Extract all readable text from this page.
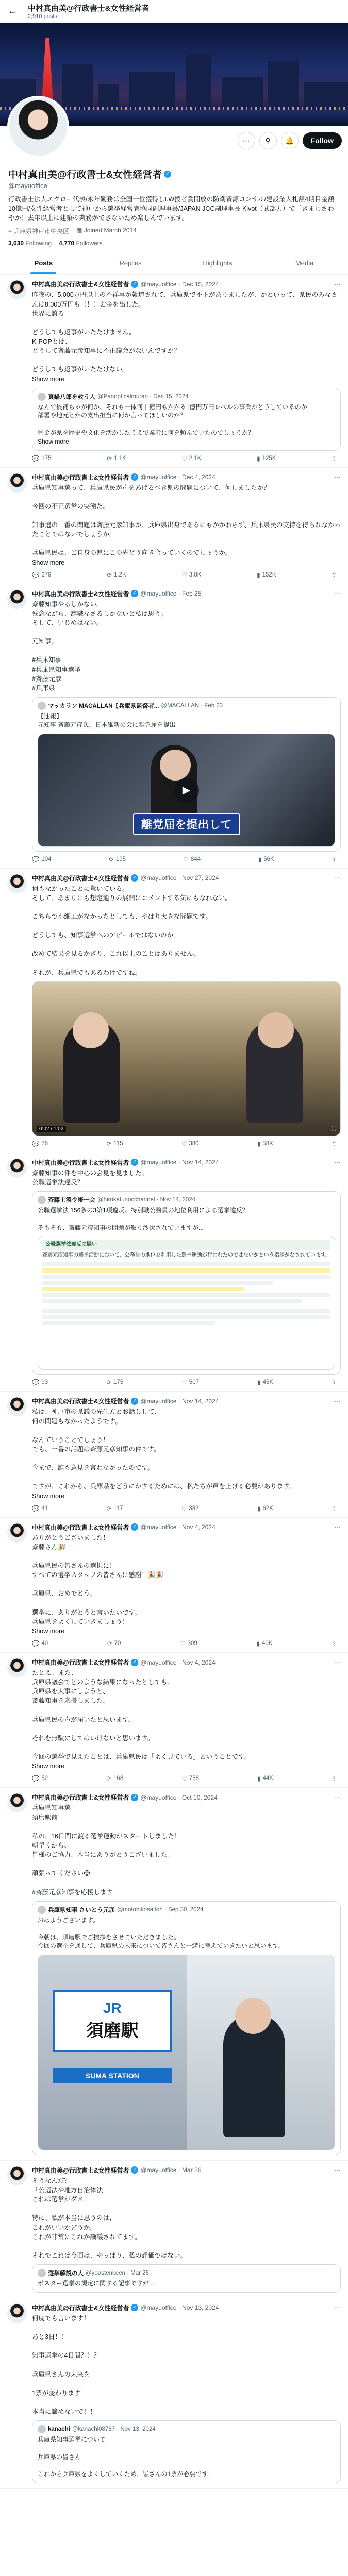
←	中村真由美@行政書士&女性経営者
2,910 posts
⋯	⚲	🔔	Follow
中村真由美@行政書士&女性経営者 ✓
@mayuoffice
行政書士法人エクロー代表/永年勤務は全国一位獲得しI.W授者賞開放の防衛資源コンサル/建設業入札額4期目金額10億円/女性経営者として神戸から選挙経営者協同副理事長/JAPAN JCC副理事長 Kivot（武部力）で「きまじさわやか！去年以上に建築の業務ができないため楽しんでいます。
⌖ 兵庫県神戸市中央区 ▦ Joined March 2014
3,630 Following 4,770 Followers
Posts	Replies	Highlights	Media
中村真由美@行政書士&女性経営者 ✓ @mayuoffice · Dec 15, 2024	⋯
昨夜の、5,000万円以上の不祥事が報道されて、兵庫県で不正がありましたが、かといって、県民のみなさんは8,000万円も（！）お金を出した。
世界に誇る

どうしても返事がいただけません。
K-POPとは、
どうして斎藤元彦知事に不正議会がないんですか？

どうしても返事がいただけない。
Show more
真鍋八郎を救う人 @Panopticalmuran · Dec 15, 2024
なんで候補ちゃが何か、それも一体何十億円もかかる1億円万円レベルの事業がどうしているのか
部署や地元とかの支出担当に何か言ってほしいのか？

県金が県を歴史や文化を活かしたうえで業者に何を頼んでいたのでしょうか？
Show more
💬 175	⟳ 1.1K	♡ 2.1K	▮ 125K	⇪
中村真由美@行政書士&女性経営者 ✓ @mayuoffice · Dec 4, 2024	⋯
兵庫県知事選って、兵庫県民が声をあげるべき県の問題について、何しましたか？

今回の不正選挙の実態だ。

知事選の一番の問題は斎藤元彦知事が、兵庫県出身であるにもかかわらず、兵庫県民の支持を得られなかったことではないでしょうか。

兵庫県民は、ご自身の県にこの先どう向き合っていくのでしょうか。
Show more
💬 279	⟳ 1.2K	♡ 3.8K	▮ 152K	⇪
中村真由美@行政書士&女性経営者 ✓ @mayuoffice · Feb 25	⋯
斎藤知事やるしかない。
残念ながら、辞職なさるしかないと私は思う。
そして、いじめはない。

元知事。

#兵庫知事
#兵庫県知事選挙
#斎藤元彦
#兵庫県
マッカラン MACALLAN【兵庫県監督者... @MACALLAN · Feb 23
【速報】
元知事 斎藤元彦氏、日本維新の会に離党届を提出
▶
離党届を提出して
💬 104	⟳ 195	♡ 844	▮ 56K	⇪
中村真由美@行政書士&女性経営者 ✓ @mayuoffice · Nov 27, 2024	⋯
何もなかったことに驚いている。
そして、あまりにも想定通りの展開にコメントする気にもなれない。

こちらで小細工がなかったとしても、やはり大きな問題です。

どうしても、知事選挙へのアピールではないのか。

改めて結果を見るかぎり、これ以上のことはありません。

それが、兵庫県でもあるわけですね。
0:02 / 1:02	⛶
💬 76	⟳ 115	♡ 380	▮ 58K	⇪
中村真由美@行政書士&女性経営者 ✓ @mayuoffice · Nov 14, 2024	⋯
斎藤知事の件を中心の会見を見ました。
公職選挙法違反？
斉藤士湊令帯一会 @hirokatunocchannel · Nov 14, 2024
公職選挙法 156条の3第1項違反、特別職公務員の地位利用による選挙違反？

そもそも、斎藤元彦知事の問題が取り沙汰されていますが...
公職選挙法違反の疑い
斎藤元彦知事の選挙活動において、公務員の地位を利用した選挙運動が行われたのではないかという指摘がなされています。
💬 93	⟳ 175	♡ 507	▮ 45K	⇪
中村真由美@行政書士&女性経営者 ✓ @mayuoffice · Nov 14, 2024	⋯
私は、神戸市の県議の先生方とお話しして、
何の問題もなかったようです。

なんていうことでしょう！
でも、一番の話題は斎藤元彦知事の件です。

今まで、誰も意見を言わなかったのです。

ですが、これから、兵庫県をどうにかするためには、私たちが声を上げる必要があります。
Show more
💬 41	⟳ 117	♡ 382	▮ 62K	⇪
中村真由美@行政書士&女性経営者 ✓ @mayuoffice · Nov 4, 2024	⋯
ありがとうございました！
斎藤さん🎉

兵庫県民の皆さんの選択に！
すべての選挙スタッフの皆さんに感謝！🎉🎉

兵庫県、おめでとう。

選挙に、ありがとうと言いたいです。
兵庫県をよくしていきましょう！
Show more
💬 40	⟳ 70	♡ 309	▮ 40K	⇪
中村真由美@行政書士&女性経営者 ✓ @mayuoffice · Nov 4, 2024	⋯
たとえ、また、
兵庫県議会でどのような結果になったとしても、
兵庫県を大事にしようと、
斎藤知事を応援しました。

兵庫県民の声が届いたと思います。

それを無駄にしてはいけないと思います。

今回の選挙で見えたことは、兵庫県民は「よく見ている」ということです。
Show more
💬 52	⟳ 168	♡ 758	▮ 44K	⇪
中村真由美@行政書士&女性経営者 ✓ @mayuoffice · Oct 10, 2024	⋯
兵庫県知事選
須磨駅前

私の、16日間に渡る選挙運動がスタートしました！
朝早くから、
皆様のご協力、本当にありがとうございました！

頑張ってください😊

#斎藤元彦知事を応援します
兵庫県知事 さいとう元彦 @motohikosaitoh · Sep 30, 2024
おはようございます。

今朝は、須磨駅でご挨拶をさせていただきました。
今回の選挙を通して、兵庫県の未来について皆さんと一緒に考えていきたいと思います。
JR
須磨駅
SUMA STATION
中村真由美@行政書士&女性経営者 ✓ @mayuoffice · Mar 26	⋯
そうなんだ？
「公選法や地方自治体法」
これは選挙がダメ。

特に、私が本当に思うのは、
これがいいかどうか。
これが非常にこれか論議されてます。

それでこれは今回は、やっぱり、私の評価ではない。
選挙解説の人 @yoastenkeen · Mar 26
ポスター選挙の規定に関する記事ですが...
中村真由美@行政書士&女性経営者 ✓ @mayuoffice · Nov 13, 2024	⋯
何度でも言います！

あと3日！！

知事選挙の4日間？！？

兵庫県さんの未来を

1票が変わります！

本当に諦めないで！！
kanachi @kanachi08787 · Nov 13, 2024
兵庫県知事選挙について

兵庫県の皆さん

これから兵庫県をよくしていくため、皆さんの1票が必要です。
